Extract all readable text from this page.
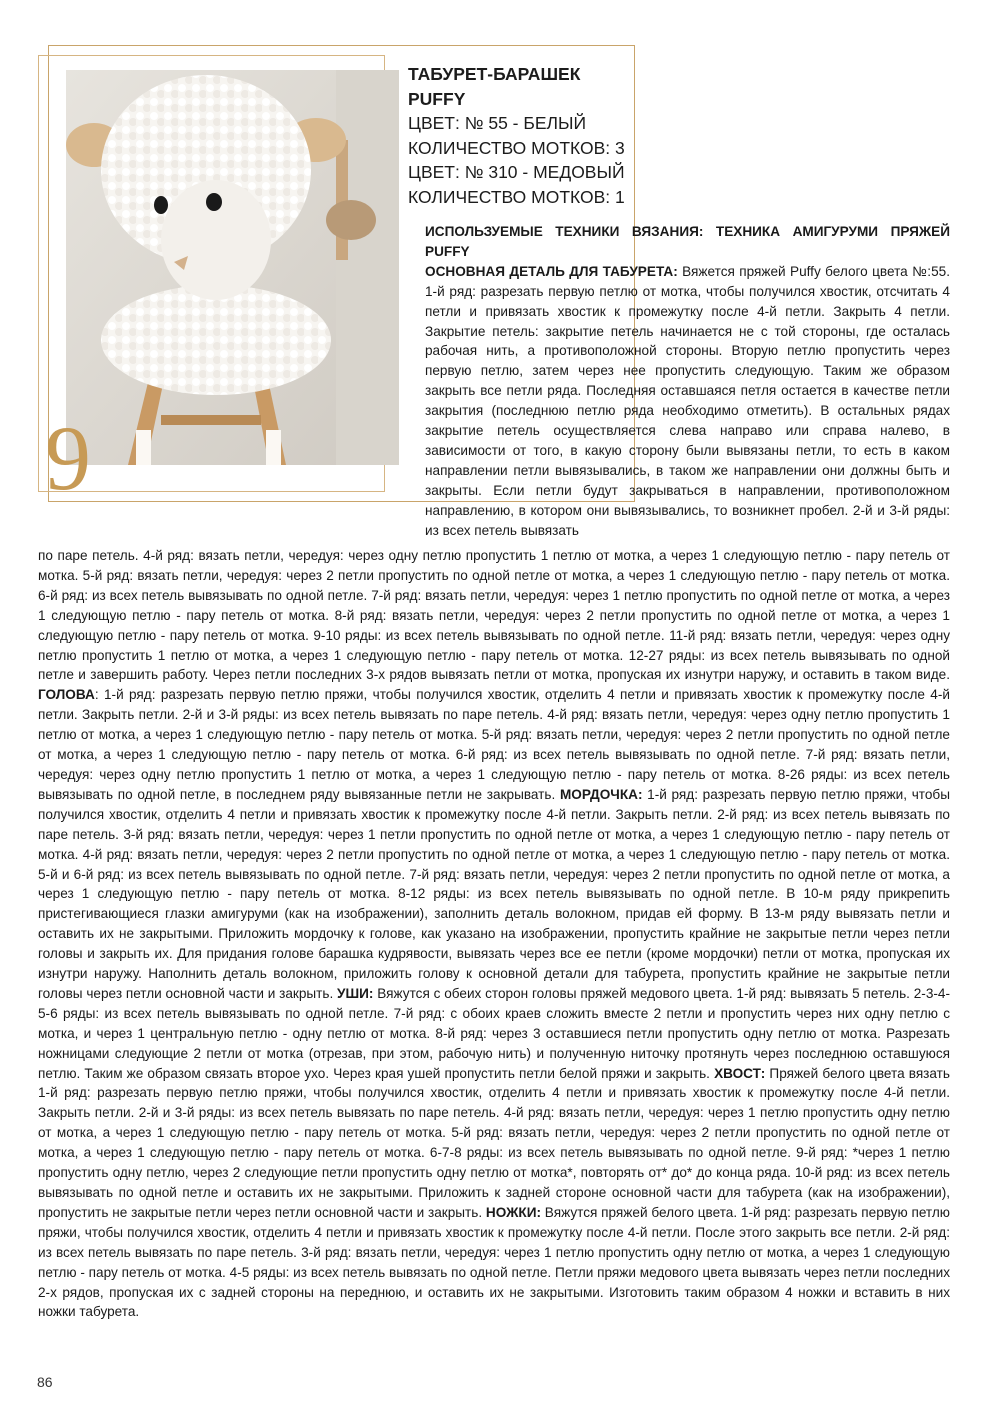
9
ТАБУРЕТ-БАРАШЕК
PUFFY
ЦВЕТ: № 55 - БЕЛЫЙ
КОЛИЧЕСТВО МОТКОВ: 3
ЦВЕТ: № 310 - МЕДОВЫЙ
КОЛИЧЕСТВО МОТКОВ: 1

ИСПОЛЬЗУЕМЫЕ ТЕХНИКИ ВЯЗАНИЯ: ТЕХНИКА АМИГУРУМИ ПРЯЖЕЙ PUFFY

ОСНОВНАЯ ДЕТАЛЬ ДЛЯ ТАБУРЕТА: Вяжется пряжей Puffy белого цвета №:55. 1-й ряд: разрезать первую петлю от мотка, чтобы получился хвостик, отсчитать 4 петли и привязать хвостик к промежутку после 4-й петли. Закрыть 4 петли. Закрытие петель: закрытие петель начинается не с той стороны, где осталась рабочая нить, а противоположной стороны. Вторую петлю пропустить через первую петлю, затем через нее пропустить следующую. Таким же образом закрыть все петли ряда. Последняя оставшаяся петля остается в качестве петли закрытия (последнюю петлю ряда необходимо отметить). В остальных рядах закрытие петель осуществляется слева направо или справа налево, в зависимости от того, в какую сторону были вывязаны петли, то есть в каком направлении петли вывязывались, в таком же направлении они должны быть и закрыты. Если петли будут закрываться в направлении, противоположном направлению, в котором они вывязывались, то возникнет пробел. 2-й и 3-й ряды: из всех петель вывязать

по паре петель. 4-й ряд: вязать петли, чередуя: через одну петлю пропустить 1 петлю от мотка, а через 1 следующую петлю - пару петель от мотка. 5-й ряд: вязать петли, чередуя: через 2 петли пропустить по одной петле от мотка, а через 1 следующую петлю - пару петель от мотка. 6-й ряд: из всех петель вывязывать по одной петле. 7-й ряд: вязать петли, чередуя: через 1 петлю пропустить по одной петле от мотка, а через 1 следующую петлю - пару петель от мотка. 8-й ряд: вязать петли, чередуя: через 2 петли пропустить по одной петле от мотка, а через 1 следующую петлю - пару петель от мотка. 9-10 ряды: из всех петель вывязывать по одной петле. 11-й ряд: вязать петли, чередуя: через одну петлю пропустить 1 петлю от мотка, а через 1 следующую петлю - пару петель от мотка. 12-27 ряды: из всех петель вывязывать по одной петле и завершить работу. Через петли последних 3-х рядов вывязать петли от мотка, пропуская их изнутри наружу, и оставить в таком виде. ГОЛОВА: 1-й ряд: разрезать первую петлю пряжи, чтобы получился хвостик, отделить 4 петли и привязать хвостик к промежутку после 4-й петли. Закрыть петли. 2-й и 3-й ряды: из всех петель вывязать по паре петель. 4-й ряд: вязать петли, чередуя: через одну петлю пропустить 1 петлю от мотка, а через 1 следующую петлю - пару петель от мотка. 5-й ряд: вязать петли, чередуя: через 2 петли пропустить по одной петле от мотка, а через 1 следующую петлю - пару петель от мотка. 6-й ряд: из всех петель вывязывать по одной петле. 7-й ряд: вязать петли, чередуя: через одну петлю пропустить 1 петлю от мотка, а через 1 следующую петлю - пару петель от мотка. 8-26 ряды: из всех петель вывязывать по одной петле, в последнем ряду вывязанные петли не закрывать. МОРДОЧКА: 1-й ряд: разрезать первую петлю пряжи, чтобы получился хвостик, отделить 4 петли и привязать хвостик к промежутку после 4-й петли. Закрыть петли. 2-й ряд: из всех петель вывязать по паре петель. 3-й ряд: вязать петли, чередуя: через 1 петли пропустить по одной петле от мотка, а через 1 следующую петлю - пару петель от мотка. 4-й ряд: вязать петли, чередуя: через 2 петли пропустить по одной петле от мотка, а через 1 следующую петлю - пару петель от мотка. 5-й и 6-й ряд: из всех петель вывязывать по одной петле. 7-й ряд: вязать петли, чередуя: через 2 петли пропустить по одной петле от мотка, а через 1 следующую петлю - пару петель от мотка. 8-12 ряды: из всех петель вывязывать по одной петле. В 10-м ряду прикрепить пристегивающиеся глазки амигуруми (как на изображении), заполнить деталь волокном, придав ей форму. В 13-м ряду вывязать петли и оставить их не закрытыми. Приложить мордочку к голове, как указано на изображении, пропустить крайние не закрытые петли через петли головы и закрыть их. Для придания голове барашка кудрявости, вывязать через все ее петли (кроме мордочки) петли от мотка, пропуская их изнутри наружу. Наполнить деталь волокном, приложить голову к основной детали для табурета, пропустить крайние не закрытые петли головы через петли основной части и закрыть. УШИ: Вяжутся с обеих сторон головы пряжей медового цвета. 1-й ряд: вывязать 5 петель. 2-3-4-5-6 ряды: из всех петель вывязывать по одной петле. 7-й ряд: с обоих краев сложить вместе 2 петли и пропустить через них одну петлю с мотка, и через 1 центральную петлю - одну петлю от мотка. 8-й ряд: через 3 оставшиеся петли пропустить одну петлю от мотка. Разрезать ножницами следующие 2 петли от мотка (отрезав, при этом, рабочую нить) и полученную ниточку протянуть через последнюю оставшуюся петлю. Таким же образом связать второе ухо. Через края ушей пропустить петли белой пряжи и закрыть. ХВОСТ: Пряжей белого цвета вязать 1-й ряд: разрезать первую петлю пряжи, чтобы получился хвостик, отделить 4 петли и привязать хвостик к промежутку после 4-й петли. Закрыть петли. 2-й и 3-й ряды: из всех петель вывязать по паре петель. 4-й ряд: вязать петли, чередуя: через 1 петлю пропустить одну петлю от мотка, а через 1 следующую петлю - пару петель от мотка. 5-й ряд: вязать петли, чередуя: через 2 петли пропустить по одной петле от мотка, а через 1 следующую петлю - пару петель от мотка. 6-7-8 ряды: из всех петель вывязывать по одной петле. 9-й ряд: *через 1 петлю пропустить одну петлю, через 2 следующие петли пропустить одну петлю от мотка*, повторять от* до* до конца ряда. 10-й ряд: из всех петель вывязывать по одной петле и оставить их не закрытыми. Приложить к задней стороне основной части для табурета (как на изображении), пропустить не закрытые петли через петли основной части и закрыть. НОЖКИ: Вяжутся пряжей белого цвета. 1-й ряд: разрезать первую петлю пряжи, чтобы получился хвостик, отделить 4 петли и привязать хвостик к промежутку после 4-й петли. После этого закрыть все петли. 2-й ряд: из всех петель вывязать по паре петель. 3-й ряд: вязать петли, чередуя: через 1 петлю пропустить одну петлю от мотка, а через 1 следующую петлю - пару петель от мотка. 4-5 ряды: из всех петель вывязать по одной петле. Петли пряжи медового цвета вывязать через петли последних 2-х рядов, пропуская их с задней стороны на переднюю, и оставить их не закрытыми. Изготовить таким образом 4 ножки и вставить в них ножки табурета.

86
